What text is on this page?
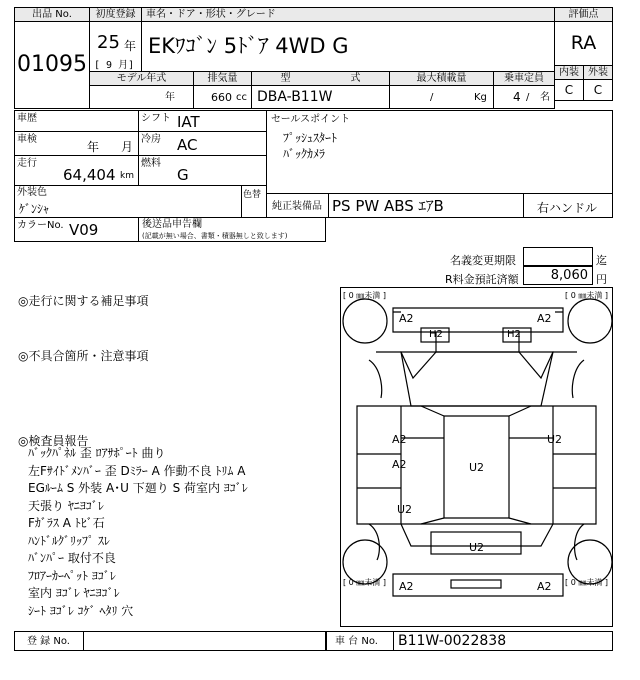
出品 No.
01095
初度登録
25 年
[ 9 月]
車名・ドア・形状・グレード
EKﾜｺﾞﾝ 5ﾄﾞｱ 4WD G
評価点
RA
内装 外装
C	C
モデル年式
年
排気量
660 cc
型	式
DBA-B11W
最大積載量
/	Kg
乗車定員
4 / 名
車歴	シフト IAT
車検
年 月
冷房 AC
走行
64,404 km
燃料
G
セールスポイント
ﾌﾟｯｼｭｽﾀｰﾄ
ﾊﾞｯｸｶﾒﾗ
外装色
ｹﾞﾝｼｬ
色替
純正装備品 PS PW ABS ｴｱB	右ハンドル
カラーNo. V09	後送品申告欄
(記載が無い場合、書類・積器無しと致します)
名義変更期限	迄
R料金預託済額 8,060 円
◎走行に関する補足事項
◎不具合箇所・注意事項
◎検査員報告
ﾊﾞｯｸﾊﾟﾈﾙ 歪 ﾛｱｻﾎﾟｰﾄ 曲り
左Fｻｲﾄﾞﾒﾝﾊﾞｰ 歪 Dﾐﾗｰ A 作動不良 ﾄﾘﾑ A
EGﾙｰﾑ S 外装 A･U 下廻り S 荷室内 ﾖｺﾞﾚ
天張り ﾔﾆﾖｺﾞﾚ
Fｶﾞﾗｽ A ﾄﾋﾞ石
ﾊﾝﾄﾞﾙｸﾞﾘｯﾌﾟ ｽﾚ
ﾊﾞﾝﾊﾟｰ 取付不良
ﾌﾛｱｰｶｰﾍﾟｯﾄ ﾖｺﾞﾚ
室内 ﾖｺﾞﾚ ﾔﾆﾖｺﾞﾚ
ｼｰﾄ ﾖｺﾞﾚ ｺｹﾞ ﾍﾀﾘ 穴
[ 0 ㎜未満 ]	[ 0 ㎜未満 ]
[ 0 ㎜未満 ]	[ 0 ㎜未満 ]
A2	A2
H2	H2
A2
A2
U2
U2
U2
U2
A2	A2
登 録 No.	車 台 No. B11W-0022838
